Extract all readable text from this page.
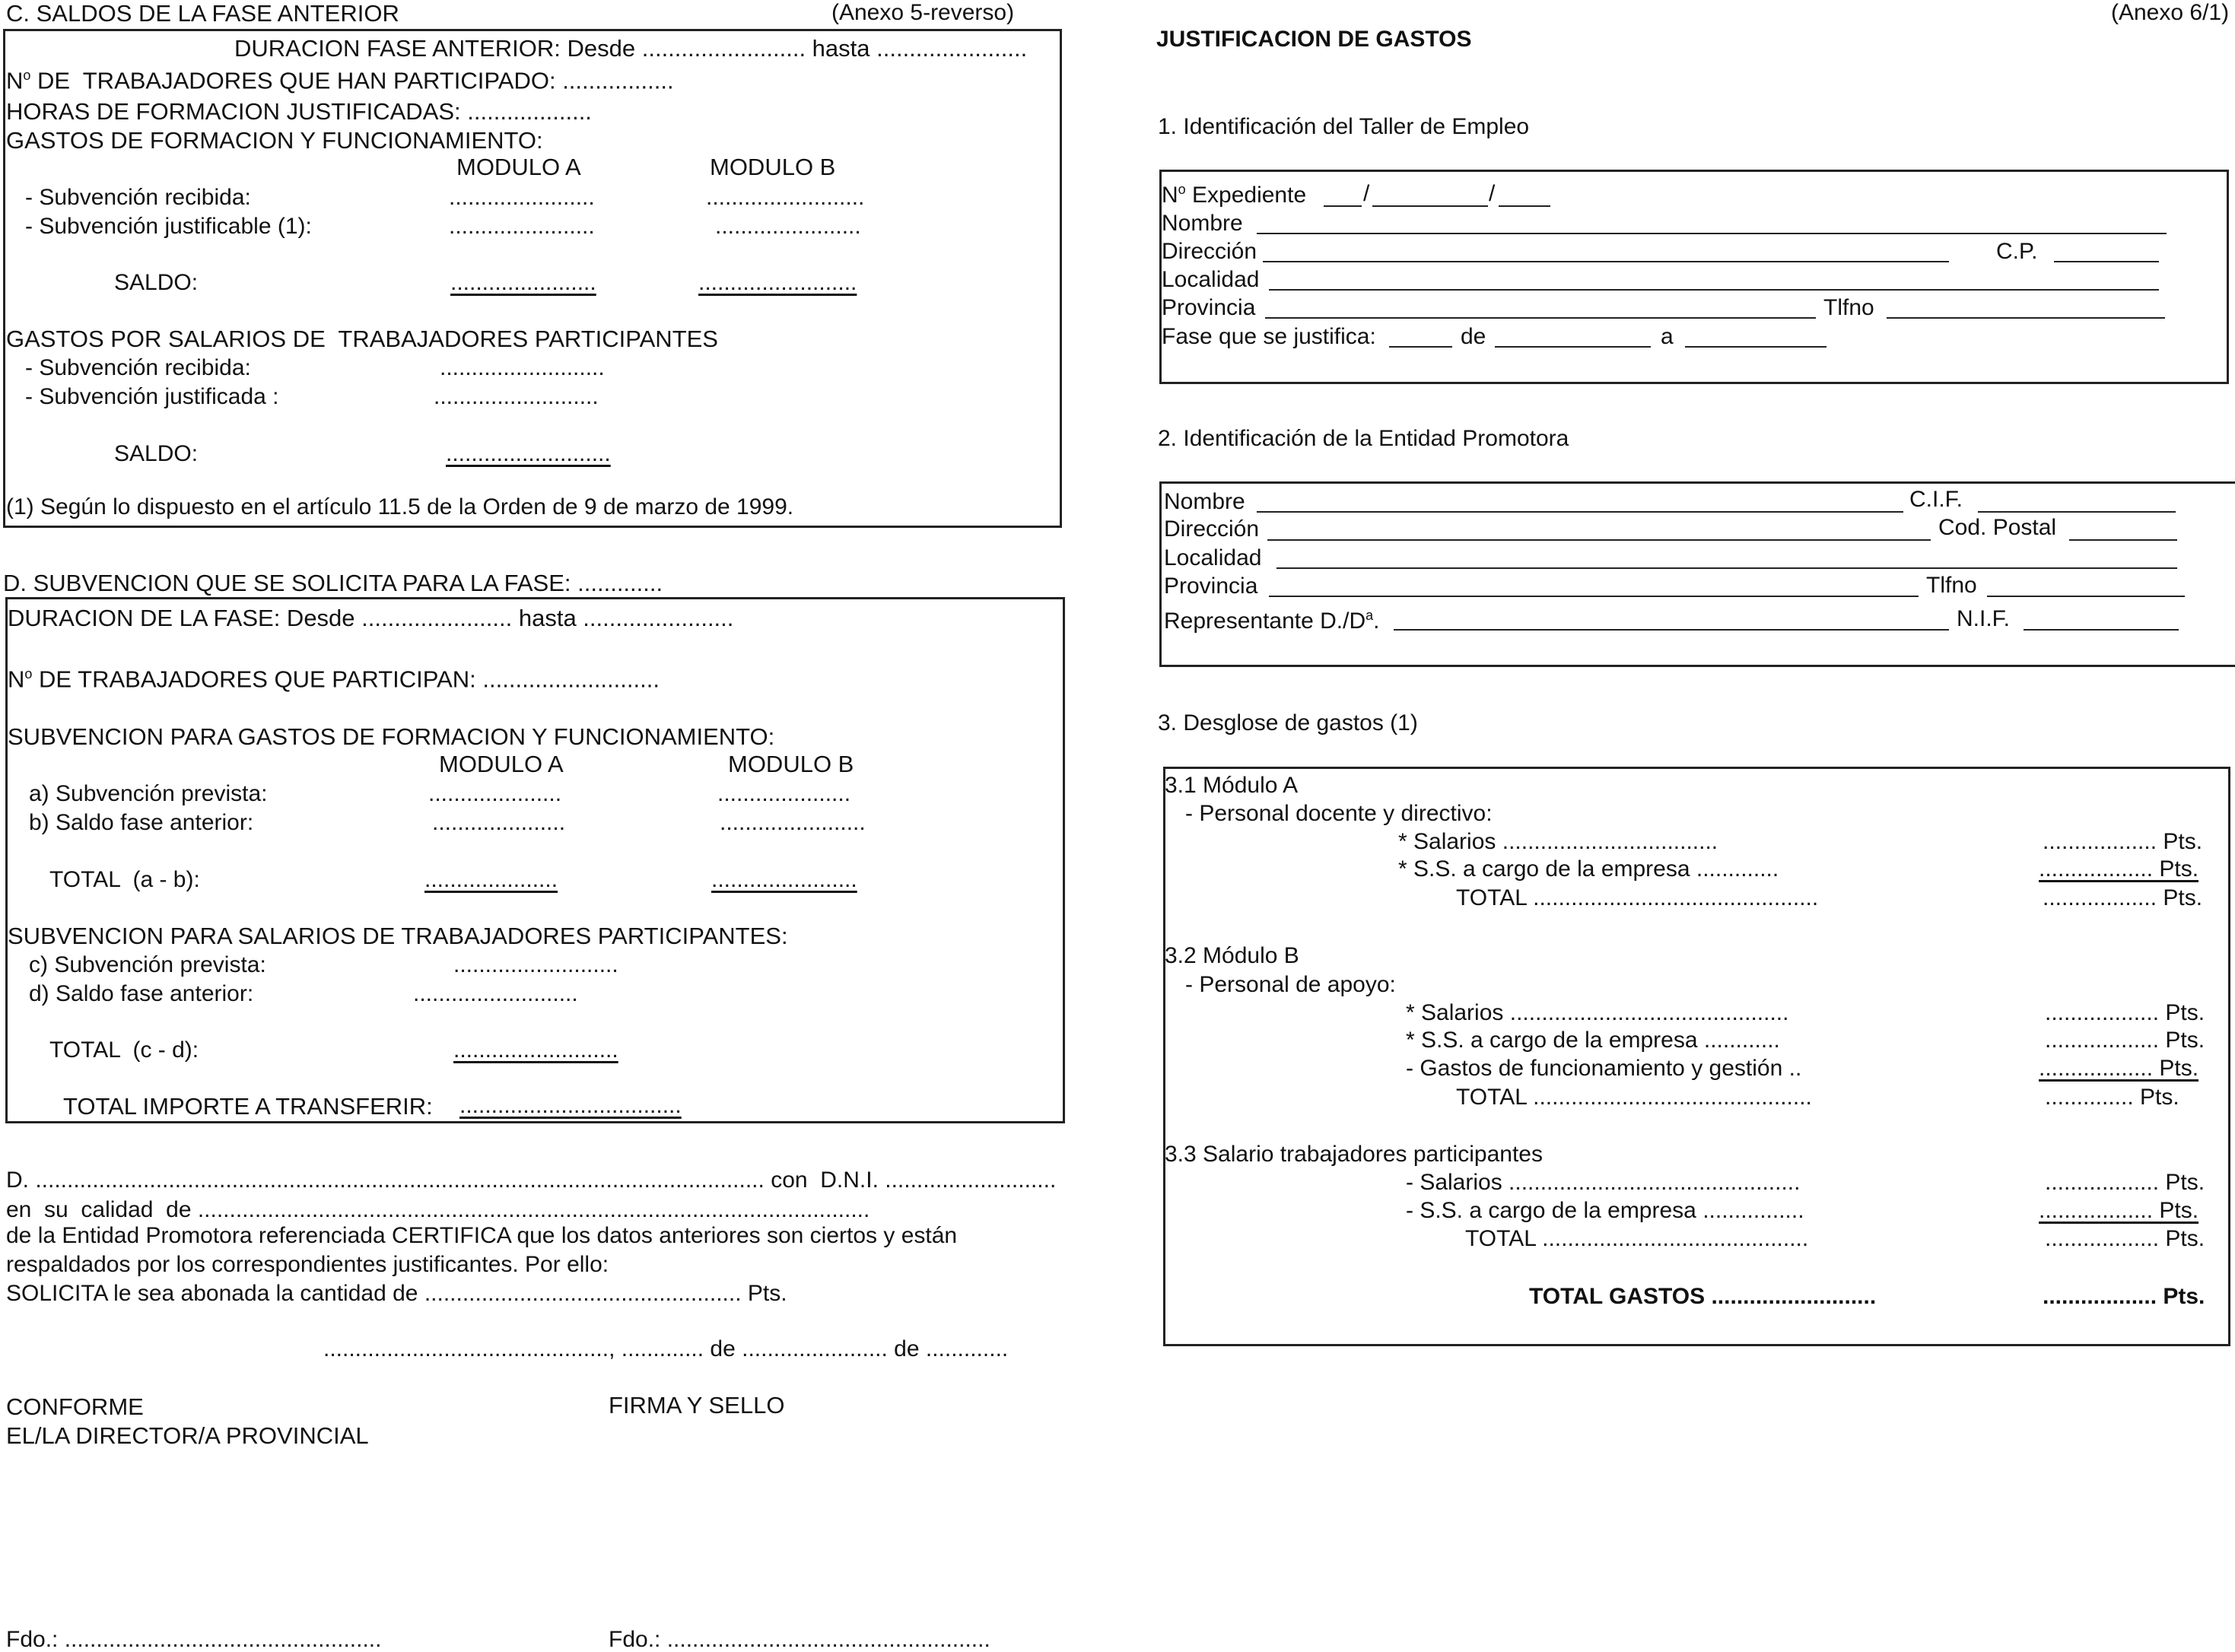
C. SALDOS DE LA FASE ANTERIOR	(Anexo 5-reverso)
DURACION FASE ANTERIOR: Desde ......................... hasta .......................
$N^o$ DE  TRABAJADORES QUE HAN PARTICIPADO: .................
HORAS DE FORMACION JUSTIFICADAS: ...................
GASTOS DE FORMACION Y FUNCIONAMIENTO:
MODULO A	MODULO B
- Subvención recibida:	.......................	.........................
- Subvención justificable (1):	.......................	.......................
SALDO:	.......................	.........................
GASTOS POR SALARIOS DE  TRABAJADORES PARTICIPANTES
- Subvención recibida:	..........................
- Subvención justificada :	..........................
SALDO:	..........................
(1) Según lo dispuesto en el artículo 11.5 de la Orden de 9 de marzo de 1999.
D. SUBVENCION QUE SE SOLICITA PARA LA FASE: .............
DURACION DE LA FASE: Desde ....................... hasta .......................
$N^o$ DE TRABAJADORES QUE PARTICIPAN: ...........................
SUBVENCION PARA GASTOS DE FORMACION Y FUNCIONAMIENTO:
MODULO A	MODULO B
a) Subvención prevista:	.....................	.....................
b) Saldo fase anterior:	.....................	.......................
TOTAL  (a - b):	.....................	.......................
SUBVENCION PARA SALARIOS DE TRABAJADORES PARTICIPANTES:
c) Subvención prevista:	..........................
d) Saldo fase anterior:	..........................
TOTAL  (c - d):	..........................
TOTAL IMPORTE A TRANSFERIR: ...................................
D. ................................................................................................................... con  D.N.I. ...........................
en  su  calidad  de ..........................................................................................................
de la Entidad Promotora referenciada CERTIFICA que los datos anteriores son ciertos y están
respaldados por los correspondientes justificantes. Por ello:
SOLICITA le sea abonada la cantidad de .................................................. Pts.
............................................., ............. de ....................... de .............
CONFORME
EL/LA DIRECTOR/A PROVINCIAL
FIRMA Y SELLO
Fdo.: ..................................................	Fdo.: ...................................................
(Anexo 6/1)
JUSTIFICACION DE GASTOS
1. Identificación del Taller de Empleo
$N^o$ Expediente /	/
Nombre
Dirección	C.P.
Localidad
Provincia	Tlfno
Fase que se justifica:	de	a
2. Identificación de la Entidad Promotora
Nombre	C.I.F.
Dirección	Cod. Postal
Localidad
Provincia	Tlfno
Representante $D./D^a$.	N.I.F.
3. Desglose de gastos (1)
3.1 Módulo A
- Personal docente y directivo:
* Salarios ..................................	.................. Pts.
* S.S. a cargo de la empresa .............	.................. Pts.
TOTAL .............................................	.................. Pts.
3.2 Módulo B
- Personal de apoyo:
* Salarios ............................................	.................. Pts.
* S.S. a cargo de la empresa ............	.................. Pts.
- Gastos de funcionamiento y gestión ..	.................. Pts.
TOTAL ............................................	.............. Pts.
3.3 Salario trabajadores participantes
- Salarios ..............................................	.................. Pts.
- S.S. a cargo de la empresa ................	.................. Pts.
TOTAL ..........................................	.................. Pts.
TOTAL GASTOS ..........................	.................. Pts.
